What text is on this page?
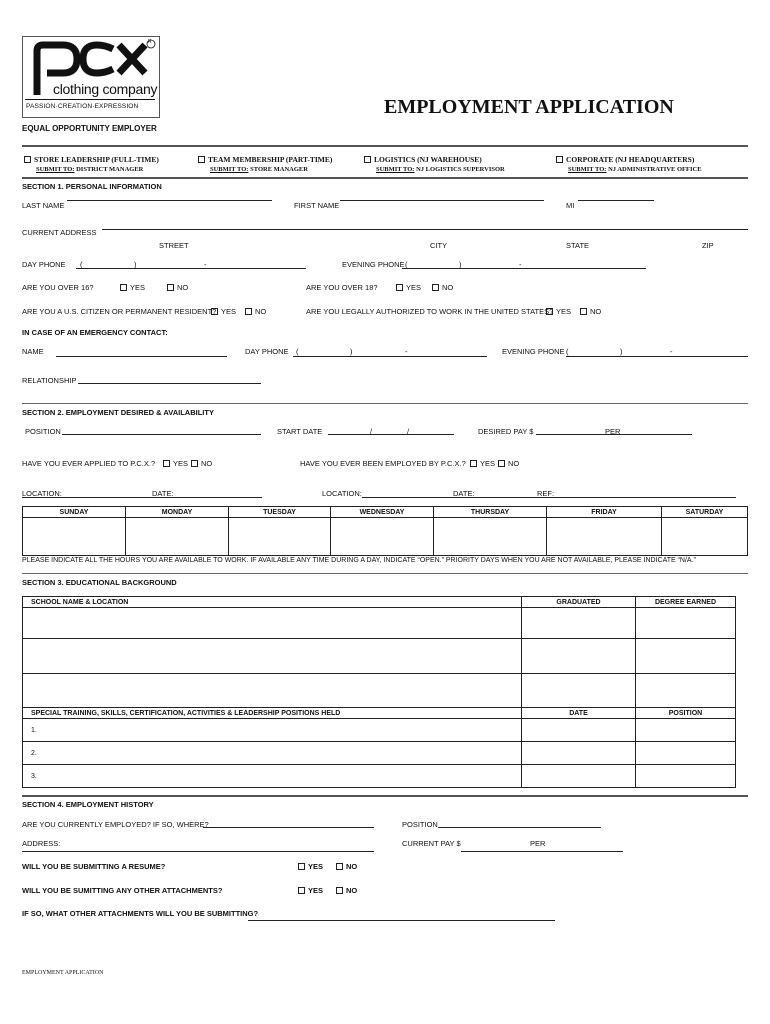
R
clothing company
PASSION·CREATION·EXPRESSION	EMPLOYMENT APPLICATION
EQUAL OPPORTUNITY EMPLOYER
STORE LEADERSHIP (FULL-TIME)
SUBMIT TO: DISTRICT MANAGER
TEAM MEMBERSHIP (PART-TIME)
SUBMIT TO: STORE MANAGER
LOGISTICS (NJ WAREHOUSE)
SUBMIT TO: NJ LOGISTICS SUPERVISOR
CORPORATE (NJ HEADQUARTERS)
SUBMIT TO: NJ ADMINISTRATIVE OFFICE
SECTION 1. PERSONAL INFORMATION
LAST NAME	FIRST NAME	MI
CURRENT ADDRESS
STREET	CITY	STATE	ZIP
DAY PHONE (	)	-	EVENING PHONE (	)	-
ARE YOU OVER 16?	YES	NO	ARE YOU OVER 18?	YES	NO
ARE YOU A U.S. CITIZEN OR PERMANENT RESIDENT? YES	NO	ARE YOU LEGALLY AUTHORIZED TO WORK IN THE UNITED STATES? YES	NO
IN CASE OF AN EMERGENCY CONTACT:
NAME	DAY PHONE (	)	-	EVENING PHONE (	)	-
RELATIONSHIP
SECTION 2. EMPLOYMENT DESIRED & AVAILABILITY
POSITION	START DATE	/	/	DESIRED PAY $	PER
HAVE YOU EVER APPLIED TO P.C.X.?	YES	NO	HAVE YOU EVER BEEN EMPLOYED BY P.C.X.?	YES	NO
LOCATION:	DATE:	LOCATION:	DATE:	REF:
SUNDAY	MONDAY	TUESDAY	WEDNESDAY	THURSDAY	FRIDAY	SATURDAY

PLEASE INDICATE ALL THE HOURS YOU ARE AVAILABLE TO WORK. IF AVAILABLE ANY TIME DURING A DAY, INDICATE “OPEN.” PRIORITY DAYS WHEN YOU ARE NOT AVAILABLE, PLEASE INDICATE “N/A.”
SECTION 3. EDUCATIONAL BACKGROUND
SCHOOL NAME & LOCATION	GRADUATED	DEGREE EARNED

SPECIAL TRAINING, SKILLS, CERTIFICATION, ACTIVITIES & LEADERSHIP POSITIONS HELD	DATE	POSITION
1.		
2.		
3.		
SECTION 4. EMPLOYMENT HISTORY
ARE YOU CURRENTLY EMPLOYED? IF SO, WHERE?	POSITION
ADDRESS:	CURRENT PAY $	PER
WILL YOU BE SUBMITTING A RESUME?	YES	NO
WILL YOU BE SUMITTING ANY OTHER ATTACHMENTS?	YES	NO
IF SO, WHAT OTHER ATTACHMENTS WILL YOU BE SUBMITTING?
EMPLOYMENT APPLICATION
